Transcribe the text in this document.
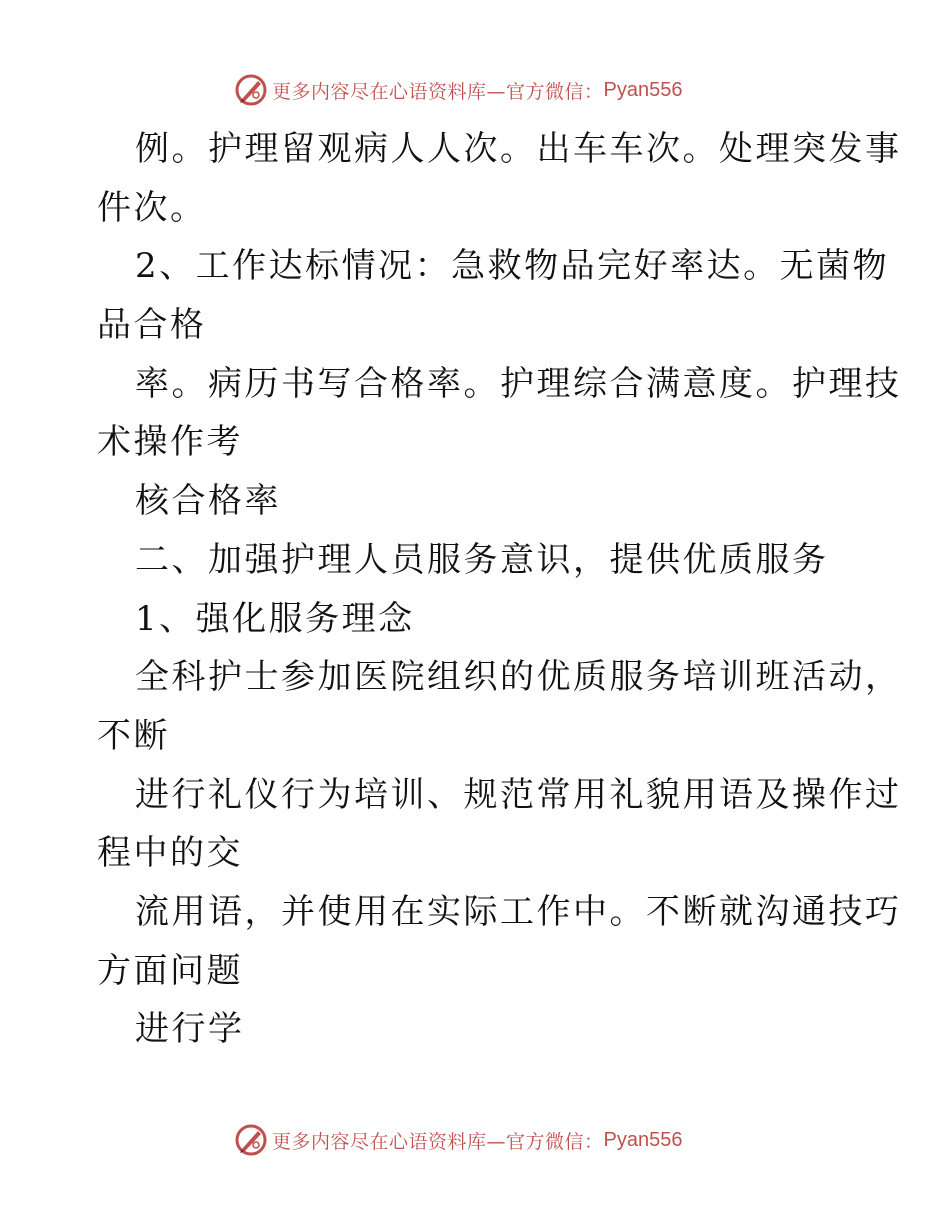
更多内容尽在心语资料库—官方微信： Pyan556
例。护理留观病人人次。出车车次。处理突发事
件次。
2、工作达标情况：急救物品完好率达。无菌物
品合格
率。病历书写合格率。护理综合满意度。护理技
术操作考
核合格率
二、加强护理人员服务意识，提供优质服务
1、强化服务理念
全科护士参加医院组织的优质服务培训班活动，
不断
进行礼仪行为培训、规范常用礼貌用语及操作过
程中的交
流用语，并使用在实际工作中。不断就沟通技巧
方面问题
进行学
更多内容尽在心语资料库—官方微信： Pyan556
